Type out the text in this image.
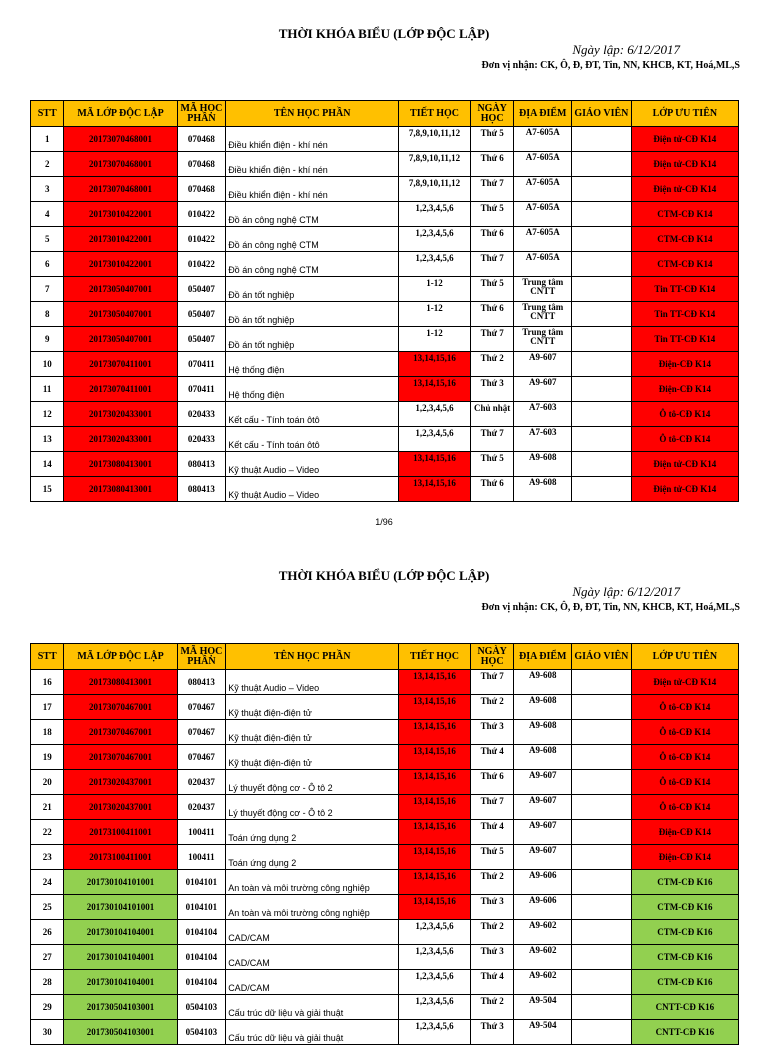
THỜI KHÓA BIỂU (LỚP ĐỘC LẬP)
Ngày lập: 6/12/2017
Đơn vị nhận: CK, Ô, Đ, ĐT, Tin, NN, KHCB, KT, Hoá,ML,S
STT	MÃ LỚP ĐỘC LẬP	MÃ HỌC PHẦN	TÊN HỌC PHẦN	TIẾT HỌC	NGÀY HỌC	ĐỊA ĐIỂM	GIÁO VIÊN	LỚP ƯU TIÊN
1	20173070468001	070468	Điều khiển điện - khí nén	7,8,9,10,11,12	Thứ 5	A7-605A		Điện tử-CĐ K14
2	20173070468001	070468	Điều khiển điện - khí nén	7,8,9,10,11,12	Thứ 6	A7-605A		Điện tử-CĐ K14
3	20173070468001	070468	Điều khiển điện - khí nén	7,8,9,10,11,12	Thứ 7	A7-605A		Điện tử-CĐ K14
4	20173010422001	010422	Đồ án công nghệ CTM	1,2,3,4,5,6	Thứ 5	A7-605A		CTM-CĐ K14
5	20173010422001	010422	Đồ án công nghệ CTM	1,2,3,4,5,6	Thứ 6	A7-605A		CTM-CĐ K14
6	20173010422001	010422	Đồ án công nghệ CTM	1,2,3,4,5,6	Thứ 7	A7-605A		CTM-CĐ K14
7	20173050407001	050407	Đồ án tốt nghiệp	1-12	Thứ 5	Trung tâm CNTT		Tin TT-CĐ K14
8	20173050407001	050407	Đồ án tốt nghiệp	1-12	Thứ 6	Trung tâm CNTT		Tin TT-CĐ K14
9	20173050407001	050407	Đồ án tốt nghiệp	1-12	Thứ 7	Trung tâm CNTT		Tin TT-CĐ K14
10	20173070411001	070411	Hệ thống điện	13,14,15,16	Thứ 2	A9-607		Điện-CĐ K14
11	20173070411001	070411	Hệ thống điện	13,14,15,16	Thứ 3	A9-607		Điện-CĐ K14
12	20173020433001	020433	Kết cấu - Tính toán ôtô	1,2,3,4,5,6	Chủ nhật	A7-603		Ô tô-CĐ K14
13	20173020433001	020433	Kết cấu - Tính toán ôtô	1,2,3,4,5,6	Thứ 7	A7-603		Ô tô-CĐ K14
14	20173080413001	080413	Kỹ thuật Audio – Video	13,14,15,16	Thứ 5	A9-608		Điện tử-CĐ K14
15	20173080413001	080413	Kỹ thuật Audio – Video	13,14,15,16	Thứ 6	A9-608		Điện tử-CĐ K14
1/96
THỜI KHÓA BIỂU (LỚP ĐỘC LẬP)
Ngày lập: 6/12/2017
Đơn vị nhận: CK, Ô, Đ, ĐT, Tin, NN, KHCB, KT, Hoá,ML,S
STT	MÃ LỚP ĐỘC LẬP	MÃ HỌC PHẦN	TÊN HỌC PHẦN	TIẾT HỌC	NGÀY HỌC	ĐỊA ĐIỂM	GIÁO VIÊN	LỚP ƯU TIÊN
16	20173080413001	080413	Kỹ thuật Audio – Video	13,14,15,16	Thứ 7	A9-608		Điện tử-CĐ K14
17	20173070467001	070467	Kỹ thuật điện-điện tử	13,14,15,16	Thứ 2	A9-608		Ô tô-CĐ K14
18	20173070467001	070467	Kỹ thuật điện-điện tử	13,14,15,16	Thứ 3	A9-608		Ô tô-CĐ K14
19	20173070467001	070467	Kỹ thuật điện-điện tử	13,14,15,16	Thứ 4	A9-608		Ô tô-CĐ K14
20	20173020437001	020437	Lý thuyết động cơ - Ô tô 2	13,14,15,16	Thứ 6	A9-607		Ô tô-CĐ K14
21	20173020437001	020437	Lý thuyết động cơ - Ô tô 2	13,14,15,16	Thứ 7	A9-607		Ô tô-CĐ K14
22	20173100411001	100411	Toán ứng dụng 2	13,14,15,16	Thứ 4	A9-607		Điện-CĐ K14
23	20173100411001	100411	Toán ứng dụng 2	13,14,15,16	Thứ 5	A9-607		Điện-CĐ K14
24	201730104101001	0104101	An toàn và môi trường công nghiệp	13,14,15,16	Thứ 2	A9-606		CTM-CĐ K16
25	201730104101001	0104101	An toàn và môi trường công nghiệp	13,14,15,16	Thứ 3	A9-606		CTM-CĐ K16
26	201730104104001	0104104	CAD/CAM	1,2,3,4,5,6	Thứ 2	A9-602		CTM-CĐ K16
27	201730104104001	0104104	CAD/CAM	1,2,3,4,5,6	Thứ 3	A9-602		CTM-CĐ K16
28	201730104104001	0104104	CAD/CAM	1,2,3,4,5,6	Thứ 4	A9-602		CTM-CĐ K16
29	201730504103001	0504103	Cấu trúc dữ liệu và giải thuật	1,2,3,4,5,6	Thứ 2	A9-504		CNTT-CĐ K16
30	201730504103001	0504103	Cấu trúc dữ liệu và giải thuật	1,2,3,4,5,6	Thứ 3	A9-504		CNTT-CĐ K16
